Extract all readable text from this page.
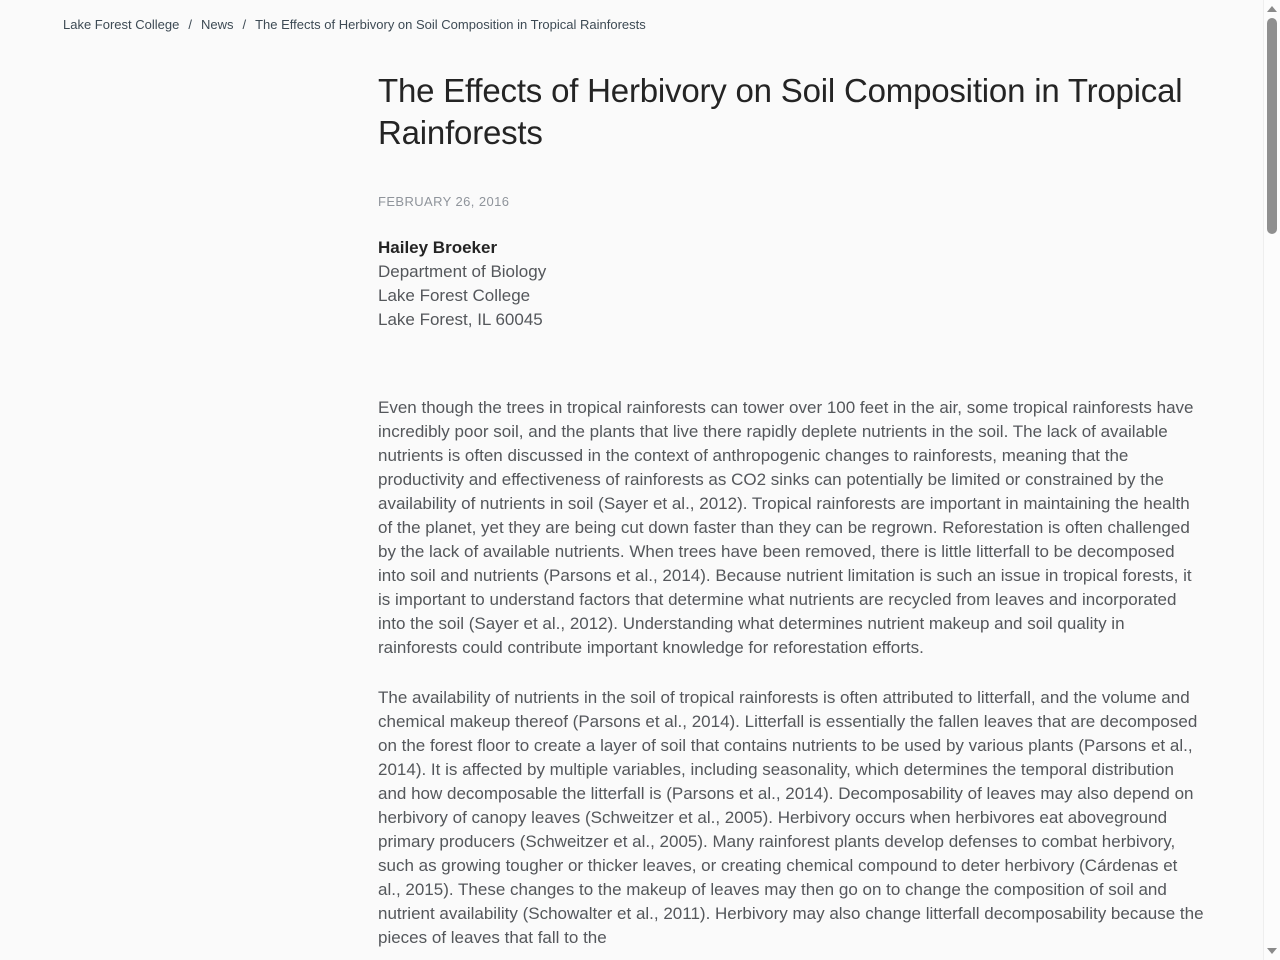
Lake Forest College / News / The Effects of Herbivory on Soil Composition in Tropical Rainforests
The Effects of Herbivory on Soil Composition in Tropical Rainforests
FEBRUARY 26, 2016
Hailey Broeker
Department of Biology
Lake Forest College
Lake Forest, IL 60045

Even though the trees in tropical rainforests can tower over 100 feet in the air, some tropical rainforests have incredibly poor soil, and the plants that live there rapidly deplete nutrients in the soil. The lack of available nutrients is often discussed in the context of anthropogenic changes to rainforests, meaning that the productivity and effectiveness of rainforests as CO2 sinks can potentially be limited or constrained by the availability of nutrients in soil (Sayer et al., 2012). Tropical rainforests are important in maintaining the health of the planet, yet they are being cut down faster than they can be regrown. Reforestation is often challenged by the lack of available nutrients. When trees have been removed, there is little litterfall to be decomposed into soil and nutrients (Parsons et al., 2014). Because nutrient limitation is such an issue in tropical forests, it is important to understand factors that determine what nutrients are recycled from leaves and incorporated into the soil (Sayer et al., 2012). Understanding what determines nutrient makeup and soil quality in rainforests could contribute important knowledge for reforestation efforts.

The availability of nutrients in the soil of tropical rainforests is often attributed to litterfall, and the volume and chemical makeup thereof (Parsons et al., 2014). Litterfall is essentially the fallen leaves that are decomposed on the forest floor to create a layer of soil that contains nutrients to be used by various plants (Parsons et al., 2014). It is affected by multiple variables, including seasonality, which determines the temporal distribution and how decomposable the litterfall is (Parsons et al., 2014). Decomposability of leaves may also depend on herbivory of canopy leaves (Schweitzer et al., 2005). Herbivory occurs when herbivores eat aboveground primary producers (Schweitzer et al., 2005). Many rainforest plants develop defenses to combat herbivory, such as growing tougher or thicker leaves, or creating chemical compound to deter herbivory (Cárdenas et al., 2015). These changes to the makeup of leaves may then go on to change the composition of soil and nutrient availability (Schowalter et al., 2011). Herbivory may also change litterfall decomposability because the pieces of leaves that fall to the
